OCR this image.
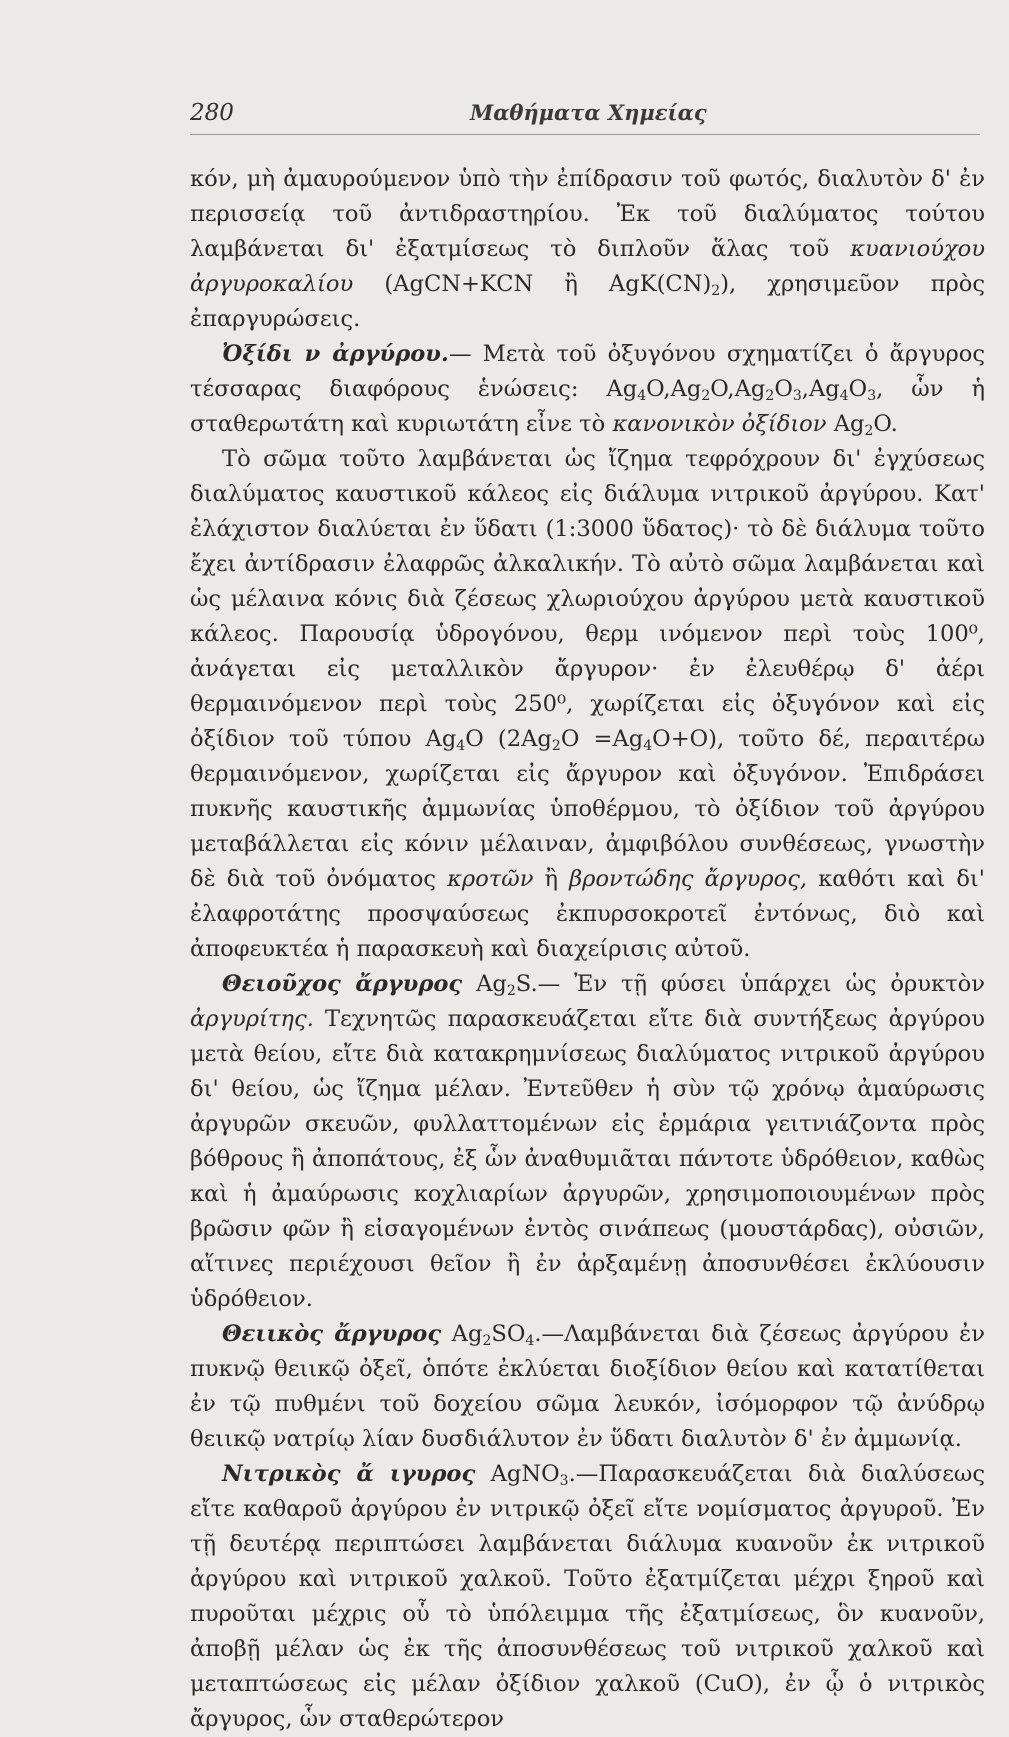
280	Μαθήματα Χημείας

κόν, μὴ ἀμαυρούμενον ὑπὸ τὴν ἐπίδρασιν τοῦ φωτός, διαλυτὸν δ' ἐν περισσείᾳ τοῦ ἀντιδραστηρίου. Ἐκ τοῦ διαλύματος τούτου λαμβάνεται δι' ἐξατμίσεως τὸ διπλοῦν ἅλας τοῦ κυανιούχου ἀργυροκαλίου (AgCN+KCN ἢ $AgK(CN)_2$), χρησιμεῦον πρὸς ἐπαργυρώσεις.

Ὀξίδι ν ἀργύρου.— Μετὰ τοῦ ὀξυγόνου σχηματίζει ὁ ἄργυρος τέσσαρας διαφόρους ἑνώσεις: $Ag_4O,Ag_2O,Ag_2O_3,Ag_4O_3$, ὧν ἡ σταθερωτάτη καὶ κυριωτάτη εἶνε τὸ κανονικὸν ὀξίδιον $Ag_2O$.

Τὸ σῶμα τοῦτο λαμβάνεται ὡς ἴζημα τεφρόχρουν δι' ἐγχύσεως διαλύματος καυστικοῦ κάλεος εἰς διάλυμα νιτρικοῦ ἀργύρου. Κατ' ἐλάχιστον διαλύεται ἐν ὕδατι (1:3000 ὕδατος)· τὸ δὲ διάλυμα τοῦτο ἔχει ἀντίδρασιν ἐλαφρῶς ἀλκαλικήν. Τὸ αὐτὸ σῶμα λαμβάνεται καὶ ὡς μέλαινα κόνις διὰ ζέσεως χλωριούχου ἀργύρου μετὰ καυστικοῦ κάλεος. Παρουσίᾳ ὑδρογόνου, θερμ ινόμενον περὶ τοὺς 100⁰, ἀνάγεται εἰς μεταλλικὸν ἄργυρον· ἐν ἐλευθέρῳ δ' ἀέρι θερμαινόμενον περὶ τοὺς 250⁰, χωρίζεται εἰς ὀξυγόνον καὶ εἰς ὀξίδιον τοῦ τύπου $Ag_4O$ $(2Ag_2O =Ag_4O+O)$, τοῦτο δέ, περαιτέρω θερμαινόμενον, χωρίζεται εἰς ἄργυρον καὶ ὀξυγόνον. Ἐπιδράσει πυκνῆς καυστικῆς ἀμμωνίας ὑποθέρμου, τὸ ὀξίδιον τοῦ ἀργύρου μεταβάλλεται εἰς κόνιν μέλαιναν, ἀμφιβόλου συνθέσεως, γνωστὴν δὲ διὰ τοῦ ὀνόματος κροτῶν ἢ βροντώδης ἄργυρος, καθότι καὶ δι' ἐλαφροτάτης προσψαύσεως ἐκπυρσοκροτεῖ ἐντόνως, διὸ καὶ ἀποφευκτέα ἡ παρασκευὴ καὶ διαχείρισις αὐτοῦ.

Θειοῦχος ἄργυρος $Ag_2S.—$ Ἐν τῇ φύσει ὑπάρχει ὡς ὀρυκτὸν ἀργυρίτης. Τεχνητῶς παρασκευάζεται εἴτε διὰ συντήξεως ἀργύρου μετὰ θείου, εἴτε διὰ κατακρημνίσεως διαλύματος νιτρικοῦ ἀργύρου δι' θείου, ὡς ἴζημα μέλαν. Ἐντεῦθεν ἡ σὺν τῷ χρόνῳ ἀμαύρωσις ἀργυρῶν σκευῶν, φυλλαττομένων εἰς ἑρμάρια γειτνιάζοντα πρὸς βόθρους ἢ ἀποπάτους, ἐξ ὧν ἀναθυμιᾶται πάντοτε ὑδρόθειον, καθὼς καὶ ἡ ἀμαύρωσις κοχλιαρίων ἀργυρῶν, χρησιμοποιουμένων πρὸς βρῶσιν φῶν ἢ εἰσαγομένων ἐντὸς σινάπεως (μουστάρδας), οὐσιῶν, αἵτινες περιέχουσι θεῖον ἢ ἐν ἀρξαμένῃ ἀποσυνθέσει ἐκλύουσιν ὑδρόθειον.

Θειικὸς ἄργυρος $Ag_2SO_4.—\Lambda\alpha\mu\beta ά\nu\varepsilon\tau\alpha\iota$ διὰ ζέσεως ἀργύρου ἐν πυκνῷ θειικῷ ὀξεῖ, ὁπότε ἐκλύεται διοξίδιον θείου καὶ κατατίθεται ἐν τῷ πυθμένι τοῦ δοχείου σῶμα λευκόν, ἰσόμορφον τῷ ἀνύδρῳ θειικῷ νατρίῳ λίαν δυσδιάλυτον ἐν ὕδατι διαλυτὸν δ' ἐν ἀμμωνίᾳ.

Νιτρικὸς ἄ ιγυρος AgNO$_3$.—Παρασκευάζεται διὰ διαλύσεως εἴτε καθαροῦ ἀργύρου ἐν νιτρικῷ ὀξεῖ εἴτε νομίσματος ἀργυροῦ. Ἐν τῇ δευτέρᾳ περιπτώσει λαμβάνεται διάλυμα κυανοῦν ἐκ νιτρικοῦ ἀργύρου καὶ νιτρικοῦ χαλκοῦ. Τοῦτο ἐξατμίζεται μέχρι ξηροῦ καὶ πυροῦται μέχρις οὗ τὸ ὑπόλειμμα τῆς ἐξατμίσεως, ὃν κυανοῦν, ἀποβῇ μέλαν ὡς ἐκ τῆς ἀποσυνθέσεως τοῦ νιτρικοῦ χαλκοῦ καὶ μεταπτώσεως εἰς μέλαν ὀξίδιον χαλκοῦ (CuO), ἐν ᾧ ὁ νιτρικὸς ἄργυρος, ὧν σταθερώτερον
